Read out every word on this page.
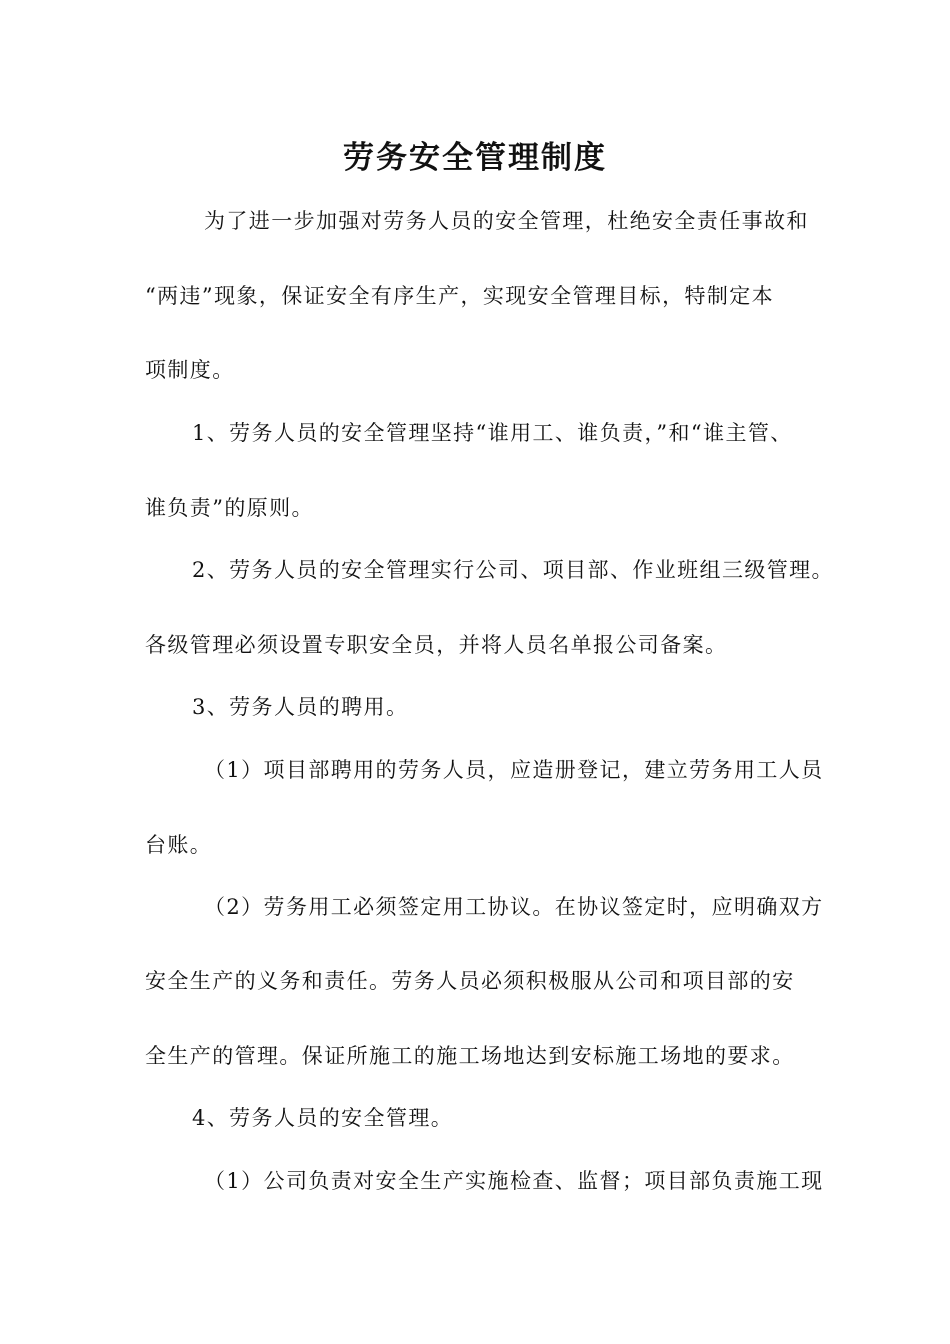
劳务安全管理制度
为了进一步加强对劳务人员的安全管理，杜绝安全责任事故和
“两违”现象，保证安全有序生产，实现安全管理目标，特制定本
项制度。
1、劳务人员的安全管理坚持“谁用工、谁负责，”和“谁主管、
谁负责”的原则。
2、劳务人员的安全管理实行公司、项目部、作业班组三级管理。
各级管理必须设置专职安全员，并将人员名单报公司备案。
3、劳务人员的聘用。
（1）项目部聘用的劳务人员，应造册登记，建立劳务用工人员
台账。
（2）劳务用工必须签定用工协议。在协议签定时，应明确双方
安全生产的义务和责任。劳务人员必须积极服从公司和项目部的安
全生产的管理。保证所施工的施工场地达到安标施工场地的要求。
4、劳务人员的安全管理。
（1）公司负责对安全生产实施检查、监督；项目部负责施工现
